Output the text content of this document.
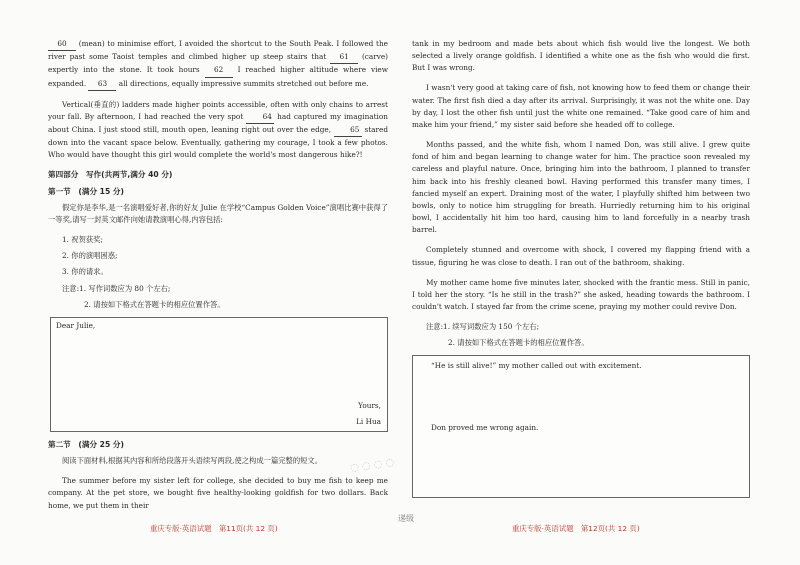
60 (mean) to minimise effort, I avoided the shortcut to the South Peak. I followed the river past some Taoist temples and climbed higher up steep stairs that 61 (carve) expertly into the stone. It took hours 62 I reached higher altitude where view expanded. 63 all directions, equally impressive summits stretched out before me.

Vertical(垂直的) ladders made higher points accessible, often with only chains to arrest your fall. By afternoon, I had reached the very spot	64 had captured my imagination about China. I just stood still, mouth open, leaning right out over the edge,	65 stared down into the vacant space below. Eventually, gathering my courage, I took a few photos. Who would have thought this girl would complete the world's most dangerous hike?!

第四部分　写作(共两节,满分 40 分)
第一节　(满分 15 分)

假定你是李华,是一名演唱爱好者,你的好友 Julie 在学校“Campus Golden Voice”演唱比赛中获得了一等奖,请写一封英文邮件向她请教演唱心得,内容包括:

1. 祝贺获奖;
2. 你的演唱困惑;
3. 你的请求。
注意:1. 写作词数应为 80 个左右;
2. 请按如下格式在答题卡的相应位置作答。
Dear Julie,
Yours,
Li Hua
第二节　(满分 25 分)

阅读下面材料,根据其内容和所给段落开头语续写两段,使之构成一篇完整的短文。

The summer before my sister left for college, she decided to buy me fish to keep me company. At the pet store, we bought five healthy-looking goldfish for two dollars. Back home, we put them in their

tank in my bedroom and made bets about which fish would live the longest. We both selected a lively orange goldfish. I identified a white one as the fish who would die first. But I was wrong.

I wasn't very good at taking care of fish, not knowing how to feed them or change their water. The first fish died a day after its arrival. Surprisingly, it was not the white one. Day by day, I lost the other fish until just the white one remained. “Take good care of him and make him your friend,” my sister said before she headed off to college.

Months passed, and the white fish, whom I named Don, was still alive. I grew quite fond of him and began learning to change water for him. The practice soon revealed my careless and playful nature. Once, bringing him into the bathroom, I planned to transfer him back into his freshly cleaned bowl. Having performed this transfer many times, I fancied myself an expert. Draining most of the water, I playfully shifted him between two bowls, only to notice him struggling for breath. Hurriedly returning him to his original bowl, I accidentally hit him too hard, causing him to land forcefully in a nearby trash barrel.

Completely stunned and overcome with shock, I covered my flapping friend with a tissue, figuring he was close to death. I ran out of the bathroom, shaking.

My mother came home five minutes later, shocked with the frantic mess. Still in panic, I told her the story. “Is he still in the trash?” she asked, heading towards the bathroom. I couldn't watch. I stayed far from the crime scene, praying my mother could revive Don.

注意:1. 续写词数应为 150 个左右;
2. 请按如下格式在答题卡的相应位置作答。
“He is still alive!” my mother called out with excitement.
Don proved me wrong again.
◌ ◌ ◌ ◌
重庆专版·英语试题　第11页(共 12 页)
递级
重庆专版·英语试题　第12页(共 12 页)
